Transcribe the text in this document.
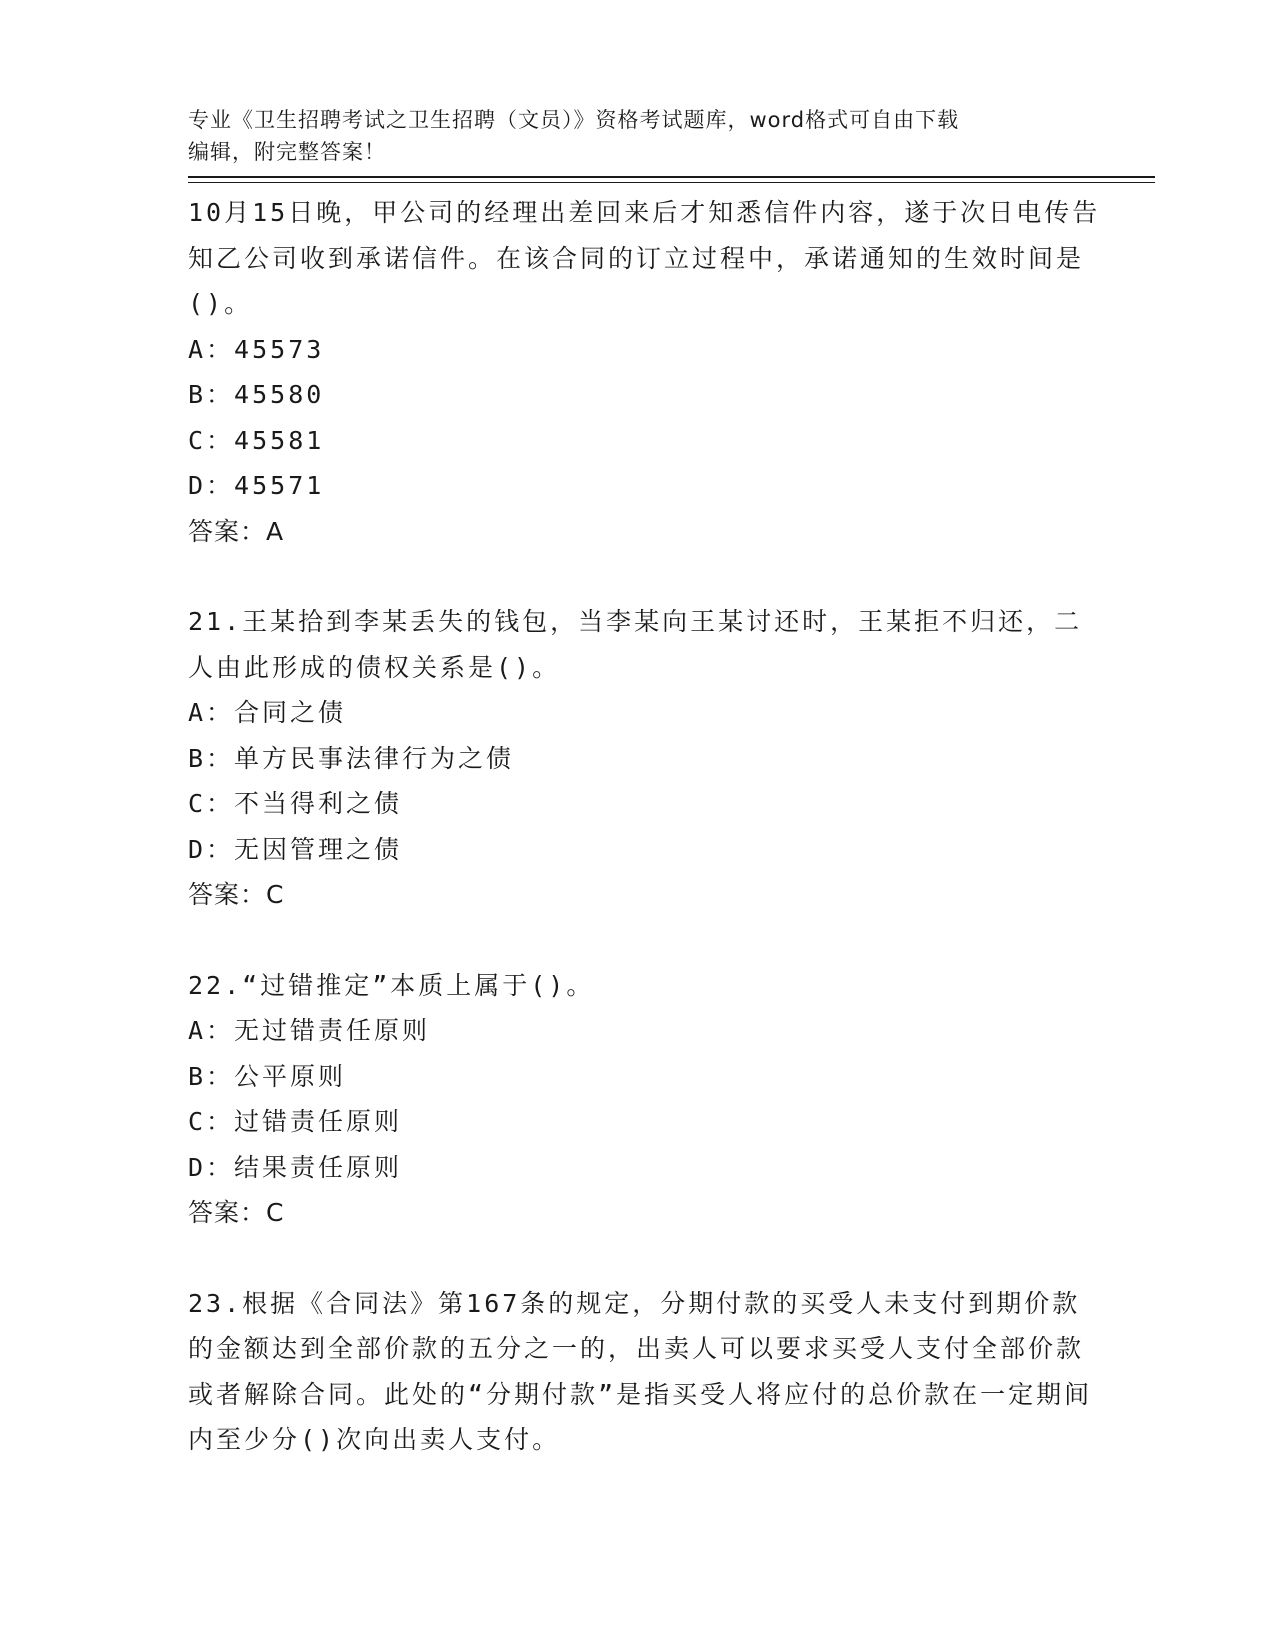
专业《卫生招聘考试之卫生招聘（文员）》资格考试题库，word格式可自由下载
编辑，附完整答案！

10月15日晚，甲公司的经理出差回来后才知悉信件内容，遂于次日电传告知乙公司收到承诺信件。在该合同的订立过程中，承诺通知的生效时间是()。
A：45573
B：45580
C：45581
D：45571
答案：A
21.王某拾到李某丢失的钱包，当李某向王某讨还时，王某拒不归还，二人由此形成的债权关系是()。
A：合同之债
B：单方民事法律行为之债
C：不当得利之债
D：无因管理之债
答案：C
22.“过错推定”本质上属于()。
A：无过错责任原则
B：公平原则
C：过错责任原则
D：结果责任原则
答案：C
23.根据《合同法》第167条的规定，分期付款的买受人未支付到期价款的金额达到全部价款的五分之一的，出卖人可以要求买受人支付全部价款或者解除合同。此处的“分期付款”是指买受人将应付的总价款在一定期间内至少分()次向出卖人支付。
